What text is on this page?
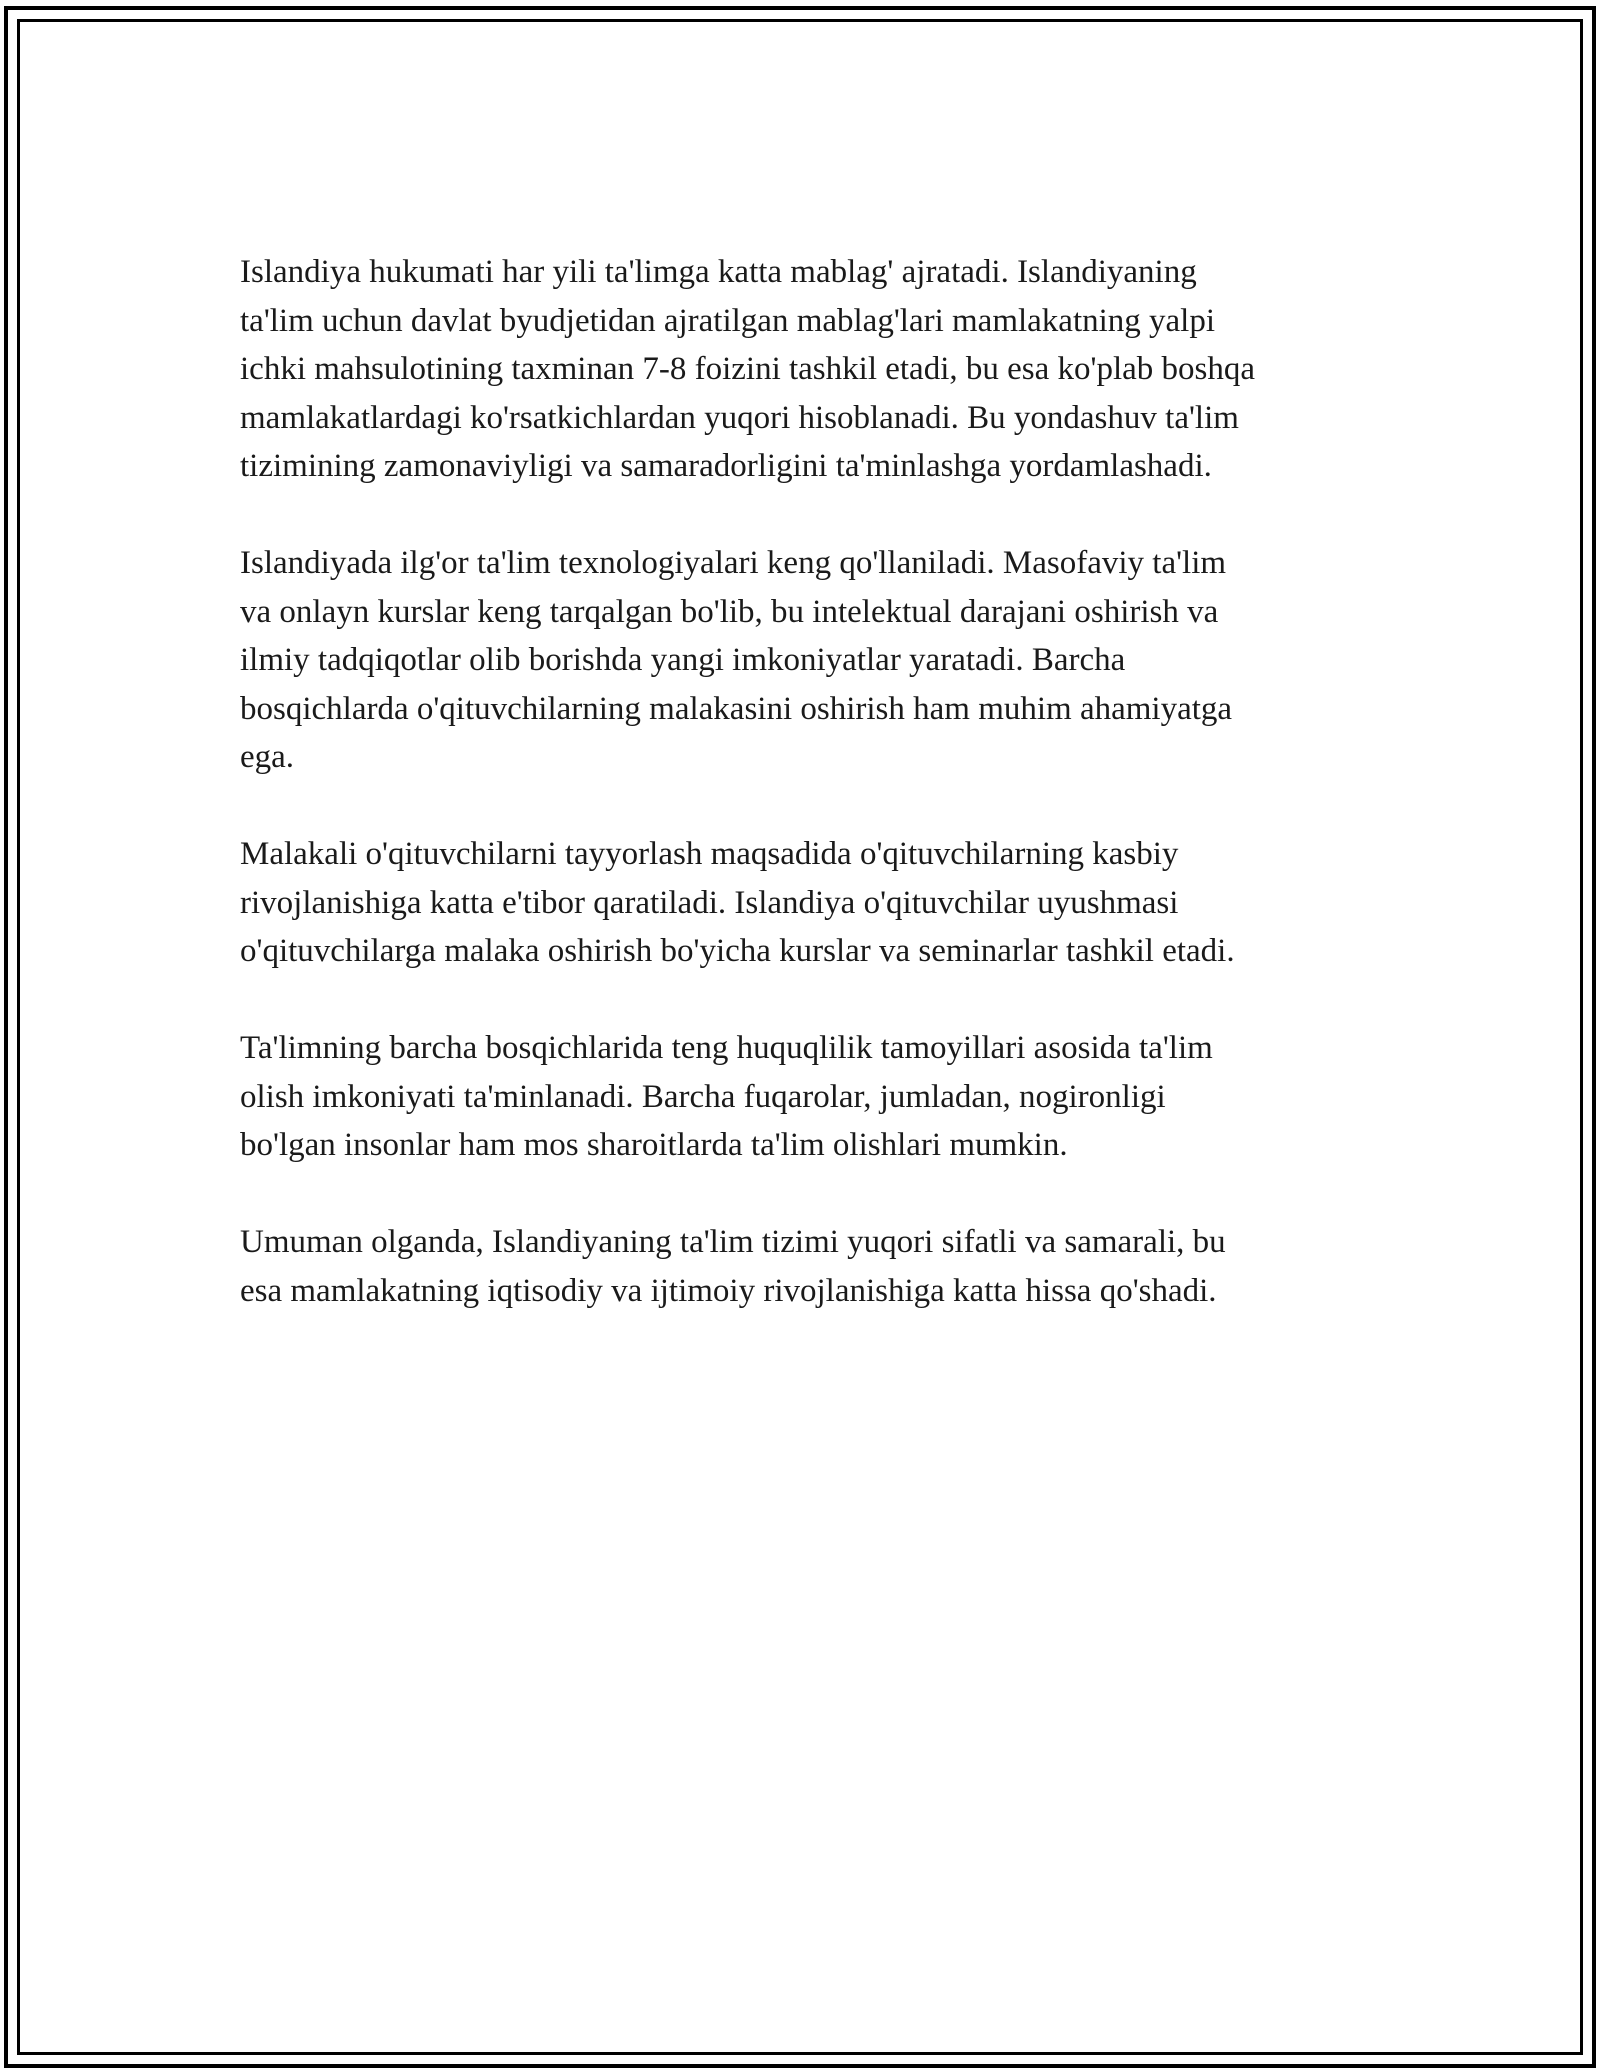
Islandiya hukumati har yili ta'limga katta mablag' ajratadi. Islandiyaning
ta'lim uchun davlat byudjetidan ajratilgan mablag'lari mamlakatning yalpi
ichki mahsulotining taxminan 7-8 foizini tashkil etadi, bu esa ko'plab boshqa
mamlakatlardagi ko'rsatkichlardan yuqori hisoblanadi. Bu yondashuv ta'lim
tizimining zamonaviyligi va samaradorligini ta'minlashga yordamlashadi.

Islandiyada ilg'or ta'lim texnologiyalari keng qo'llaniladi. Masofaviy ta'lim
va onlayn kurslar keng tarqalgan bo'lib, bu intelektual darajani oshirish va
ilmiy tadqiqotlar olib borishda yangi imkoniyatlar yaratadi. Barcha
bosqichlarda o'qituvchilarning malakasini oshirish ham muhim ahamiyatga
ega.

Malakali o'qituvchilarni tayyorlash maqsadida o'qituvchilarning kasbiy
rivojlanishiga katta e'tibor qaratiladi. Islandiya o'qituvchilar uyushmasi
o'qituvchilarga malaka oshirish bo'yicha kurslar va seminarlar tashkil etadi.

Ta'limning barcha bosqichlarida teng huquqlilik tamoyillari asosida ta'lim
olish imkoniyati ta'minlanadi. Barcha fuqarolar, jumladan, nogironligi
bo'lgan insonlar ham mos sharoitlarda ta'lim olishlari mumkin.

Umuman olganda, Islandiyaning ta'lim tizimi yuqori sifatli va samarali, bu
esa mamlakatning iqtisodiy va ijtimoiy rivojlanishiga katta hissa qo'shadi.
